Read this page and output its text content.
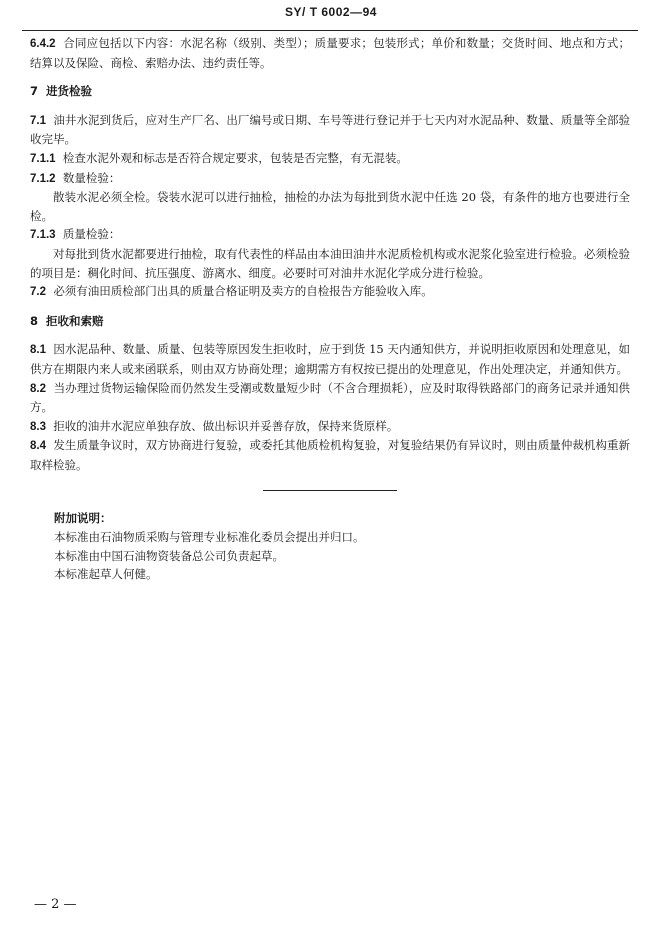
SY/ T 6002—94

6.4.2 合同应包括以下内容：水泥名称（级别、类型）；质量要求；包装形式；单价和数量；交货时间、地点和方式；结算以及保险、商检、索赔办法、违约责任等。

7 进货检验

7.1 油井水泥到货后，应对生产厂名、出厂编号或日期、车号等进行登记并于七天内对水泥品种、数量、质量等全部验收完毕。

7.1.1 检查水泥外观和标志是否符合规定要求，包装是否完整，有无混装。

7.1.2 数量检验：

散装水泥必须全检。袋装水泥可以进行抽检，抽检的办法为每批到货水泥中任选 20 袋，有条件的地方也要进行全检。

7.1.3 质量检验：

对每批到货水泥都要进行抽检，取有代表性的样品由本油田油井水泥质检机构或水泥浆化验室进行检验。必须检验的项目是：稠化时间、抗压强度、游离水、细度。必要时可对油井水泥化学成分进行检验。

7.2 必须有油田质检部门出具的质量合格证明及卖方的自检报告方能验收入库。

8 拒收和索赔

8.1 因水泥品种、数量、质量、包装等原因发生拒收时，应于到货 15 天内通知供方，并说明拒收原因和处理意见，如供方在期限内来人或来函联系，则由双方协商处理；逾期需方有权按已提出的处理意见，作出处理决定，并通知供方。

8.2 当办理过货物运输保险而仍然发生受潮或数量短少时（不含合理损耗），应及时取得铁路部门的商务记录并通知供方。

8.3 拒收的油井水泥应单独存放、做出标识并妥善存放，保持来货原样。

8.4 发生质量争议时，双方协商进行复验，或委托其他质检机构复验，对复验结果仍有异议时，则由质量仲裁机构重新取样检验。

附加说明：

本标准由石油物质采购与管理专业标准化委员会提出并归口。

本标准由中国石油物资装备总公司负责起草。

本标准起草人何健。

— 2 —
